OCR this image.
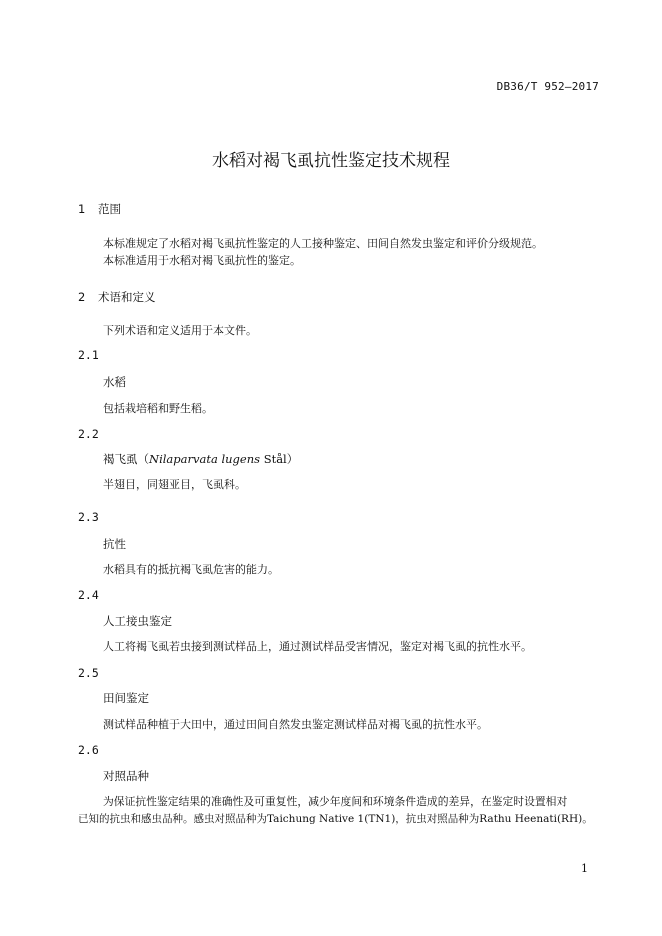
DB36/T 952—2017
水稻对褐飞虱抗性鉴定技术规程
1 范围
本标准规定了水稻对褐飞虱抗性鉴定的人工接种鉴定、田间自然发虫鉴定和评价分级规范。
本标准适用于水稻对褐飞虱抗性的鉴定。
2 术语和定义
下列术语和定义适用于本文件。
2.1
水稻
包括栽培稻和野生稻。
2.2
褐飞虱（Nilaparvata lugens Stål）
半翅目，同翅亚目，飞虱科。
2.3
抗性
水稻具有的抵抗褐飞虱危害的能力。
2.4
人工接虫鉴定
人工将褐飞虱若虫接到测试样品上，通过测试样品受害情况，鉴定对褐飞虱的抗性水平。
2.5
田间鉴定
测试样品种植于大田中，通过田间自然发虫鉴定测试样品对褐飞虱的抗性水平。
2.6
对照品种
为保证抗性鉴定结果的准确性及可重复性，减少年度间和环境条件造成的差异，在鉴定时设置相对
已知的抗虫和感虫品种。感虫对照品种为Taichung Native 1(TN1)，抗虫对照品种为Rathu Heenati(RH)。
1
